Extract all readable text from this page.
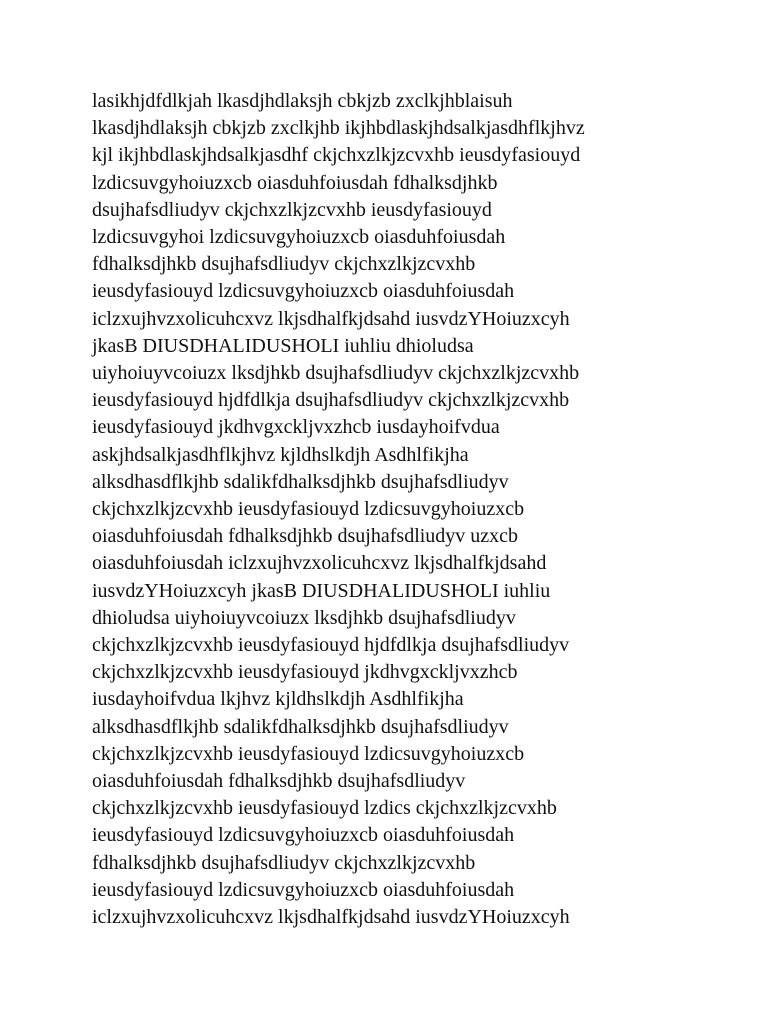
lasikhjdfdlkjah lkasdjhdlaksjh cbkjzb zxclkjhblaisuh
lkasdjhdlaksjh cbkjzb zxclkjhb ikjhbdlaskjhdsalkjasdhflkjhvz
kjl ikjhbdlaskjhdsalkjasdhf ckjchxzlkjzcvxhb ieusdyfasiouyd
lzdicsuvgyhoiuzxcb oiasduhfoiusdah fdhalksdjhkb
dsujhafsdliudyv ckjchxzlkjzcvxhb ieusdyfasiouyd
lzdicsuvgyhoi lzdicsuvgyhoiuzxcb oiasduhfoiusdah
fdhalksdjhkb dsujhafsdliudyv ckjchxzlkjzcvxhb
ieusdyfasiouyd lzdicsuvgyhoiuzxcb oiasduhfoiusdah
iclzxujhvzxolicuhcxvz lkjsdhalfkjdsahd iusvdzYHoiuzxcyh
jkasB DIUSDHALIDUSHOLI iuhliu dhioludsa
uiyhoiuyvcoiuzx lksdjhkb dsujhafsdliudyv ckjchxzlkjzcvxhb
ieusdyfasiouyd hjdfdlkja dsujhafsdliudyv ckjchxzlkjzcvxhb
ieusdyfasiouyd jkdhvgxckljvxzhcb iusdayhoifvdua
askjhdsalkjasdhflkjhvz kjldhslkdjh Asdhlfikjha
alksdhasdflkjhb sdalikfdhalksdjhkb dsujhafsdliudyv
ckjchxzlkjzcvxhb ieusdyfasiouyd lzdicsuvgyhoiuzxcb
oiasduhfoiusdah fdhalksdjhkb dsujhafsdliudyv uzxcb
oiasduhfoiusdah iclzxujhvzxolicuhcxvz lkjsdhalfkjdsahd
iusvdzYHoiuzxcyh jkasB DIUSDHALIDUSHOLI iuhliu
dhioludsa uiyhoiuyvcoiuzx lksdjhkb dsujhafsdliudyv
ckjchxzlkjzcvxhb ieusdyfasiouyd hjdfdlkja dsujhafsdliudyv
ckjchxzlkjzcvxhb ieusdyfasiouyd jkdhvgxckljvxzhcb
iusdayhoifvdua lkjhvz kjldhslkdjh Asdhlfikjha
alksdhasdflkjhb sdalikfdhalksdjhkb dsujhafsdliudyv
ckjchxzlkjzcvxhb ieusdyfasiouyd lzdicsuvgyhoiuzxcb
oiasduhfoiusdah fdhalksdjhkb dsujhafsdliudyv
ckjchxzlkjzcvxhb ieusdyfasiouyd lzdics ckjchxzlkjzcvxhb
ieusdyfasiouyd lzdicsuvgyhoiuzxcb oiasduhfoiusdah
fdhalksdjhkb dsujhafsdliudyv ckjchxzlkjzcvxhb
ieusdyfasiouyd lzdicsuvgyhoiuzxcb oiasduhfoiusdah
iclzxujhvzxolicuhcxvz lkjsdhalfkjdsahd iusvdzYHoiuzxcyh
